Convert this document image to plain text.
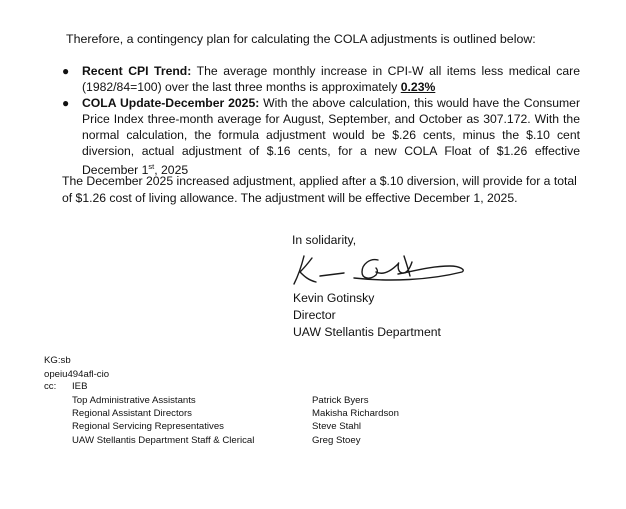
Therefore, a contingency plan for calculating the COLA adjustments is outlined below:
● Recent CPI Trend: The average monthly increase in CPI-W all items less medical care (1982/84=100) over the last three months is approximately 0.23%
● COLA Update-December 2025: With the above calculation, this would have the Consumer Price Index three-month average for August, September, and October as 307.172. With the normal calculation, the formula adjustment would be $.26 cents, minus the $.10 cent diversion, actual adjustment of $.16 cents, for a new COLA Float of $1.26 effective December 1st, 2025
The December 2025 increased adjustment, applied after a $.10 diversion, will provide for a total of $1.26 cost of living allowance. The adjustment will be effective December 1, 2025.
In solidarity,
Kevin Gotinsky
Director
UAW Stellantis Department
KG:sb
opeiu494afl-cio
cc: IEB
Top Administrative Assistants
Regional Assistant Directors
Regional Servicing Representatives
UAW Stellantis Department Staff & Clerical
Patrick Byers
Makisha Richardson
Steve Stahl
Greg Stoey
